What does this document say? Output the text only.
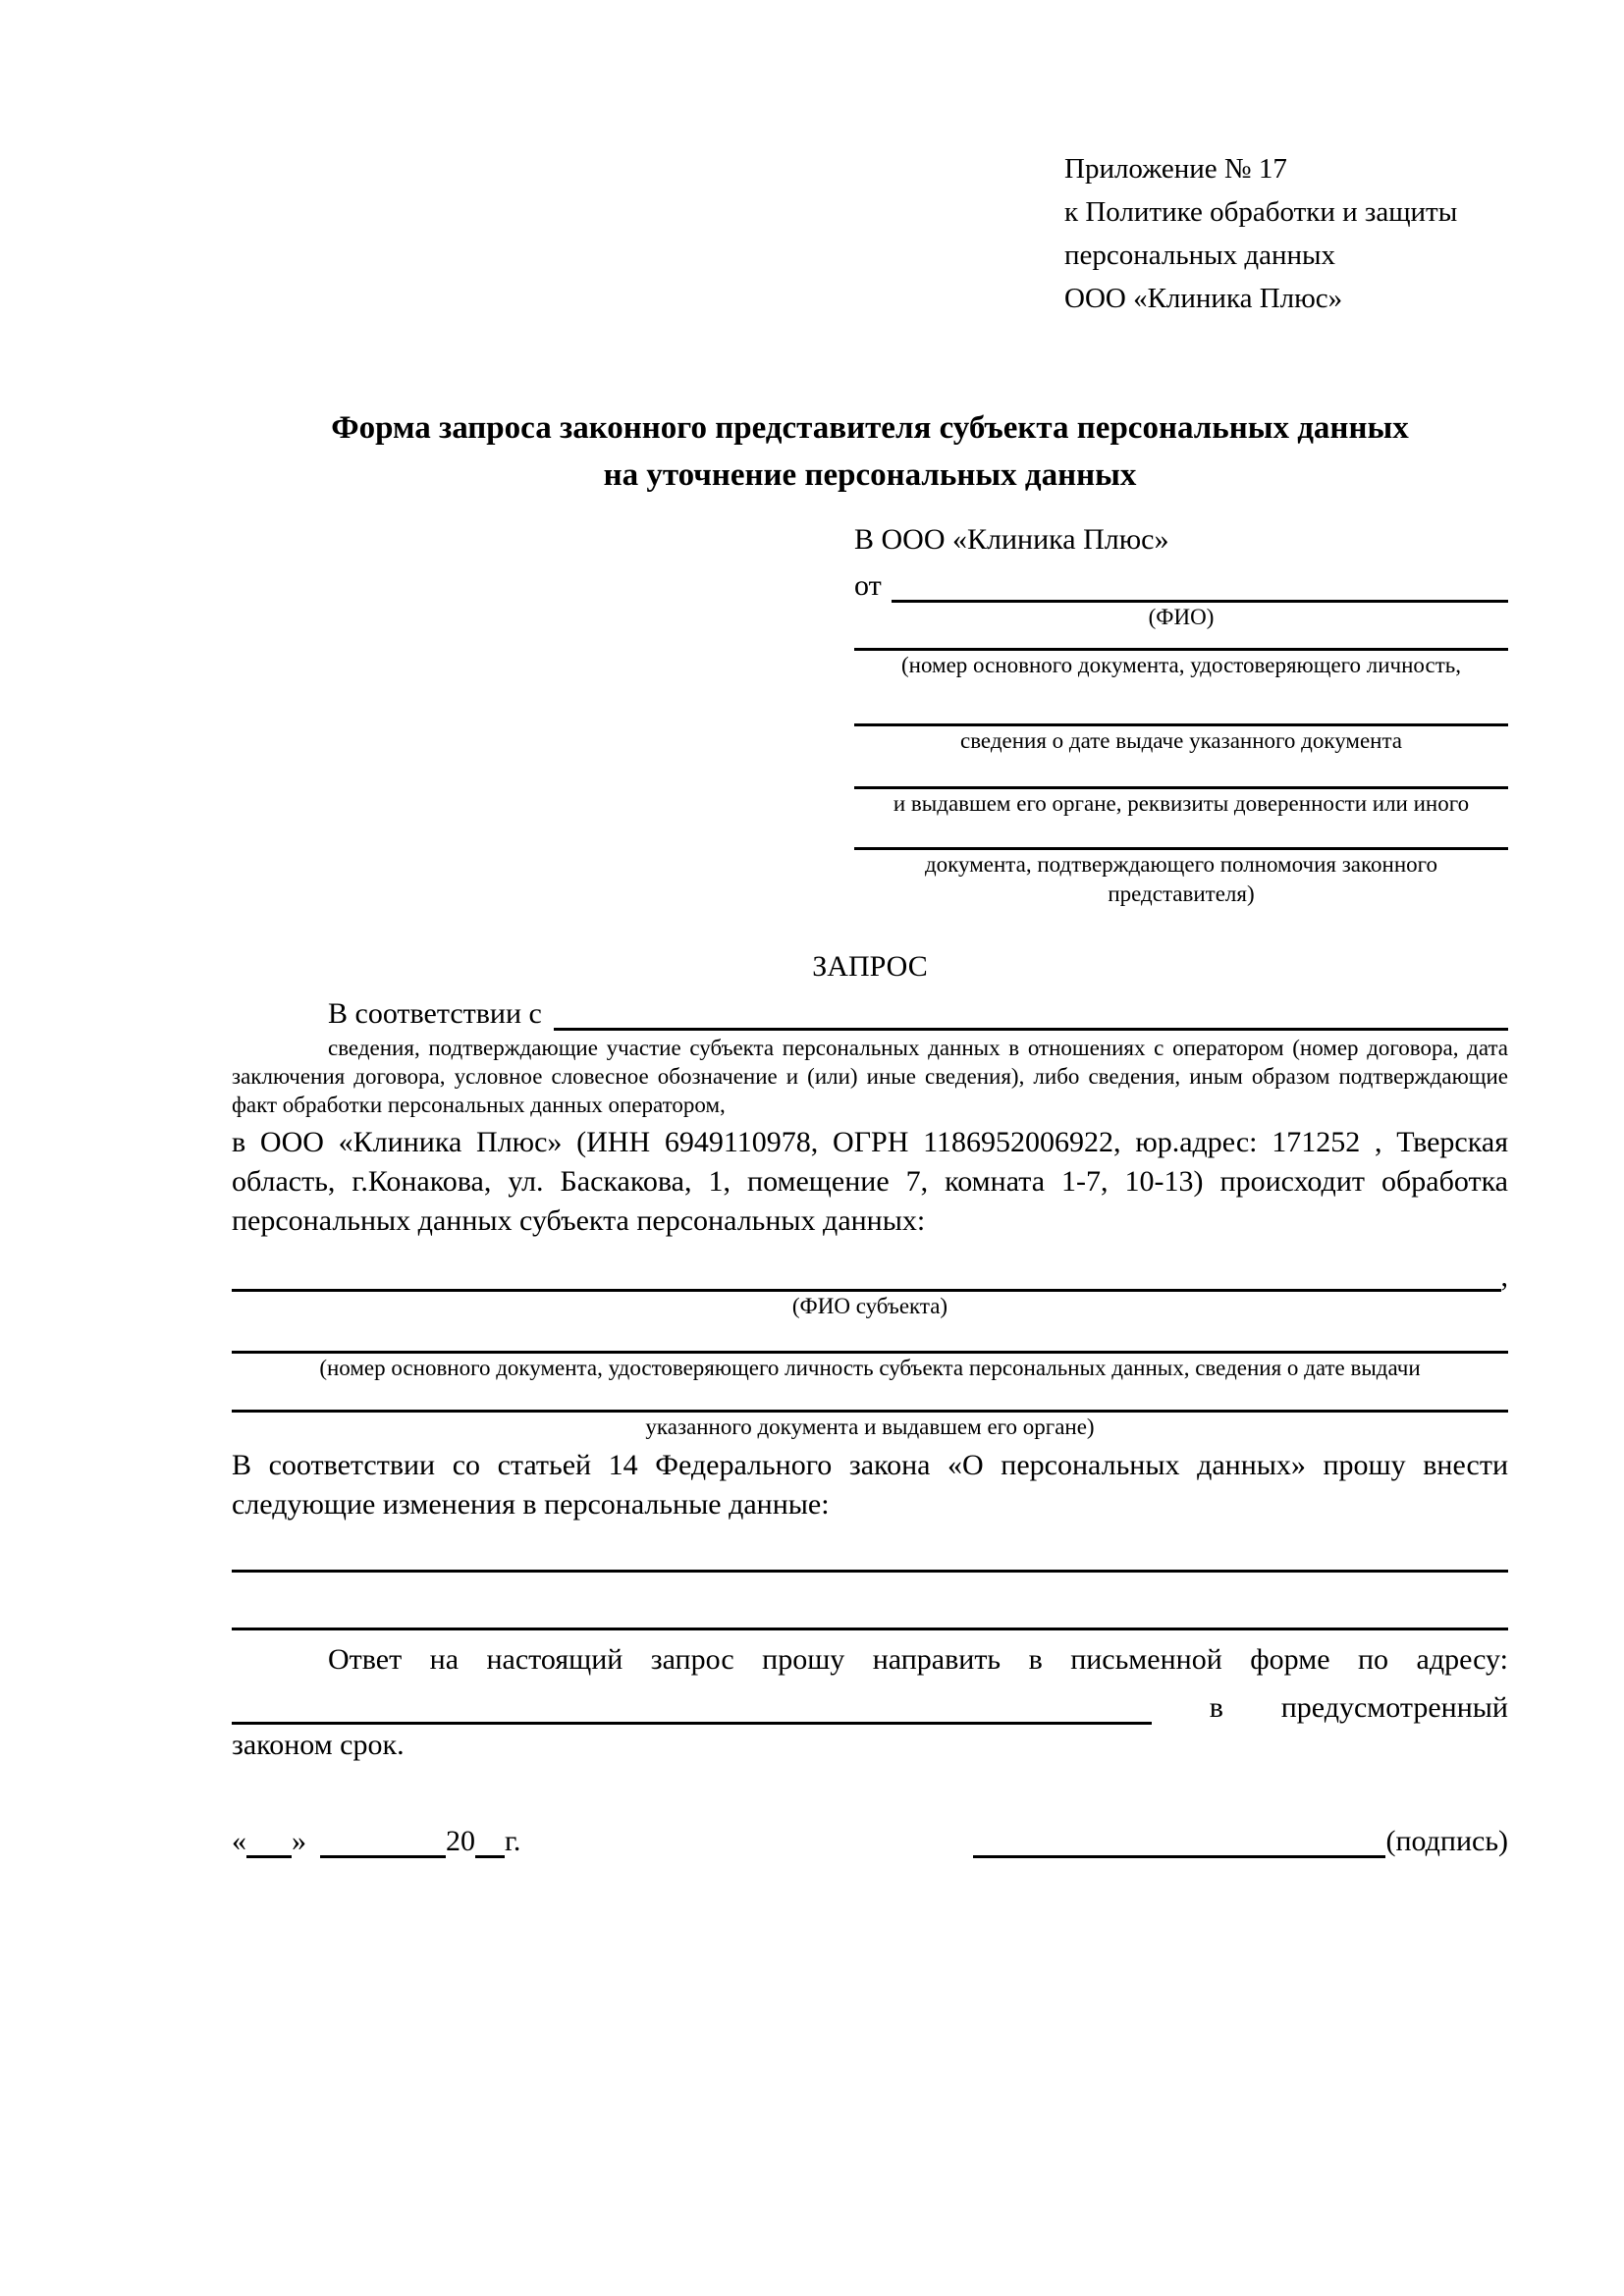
Приложение № 17
к Политике обработки и защиты
персональных данных
ООО «Клиника Плюс»
Форма запроса законного представителя субъекта персональных данных
на уточнение персональных данных
В ООО «Клиника Плюс»
от
(ФИО)
(номер основного документа, удостоверяющего личность,
сведения о дате выдаче указанного документа
и выдавшем его органе, реквизиты доверенности или иного
документа, подтверждающего полномочия законного представителя)
ЗАПРОС
В соответствии с
сведения, подтверждающие участие субъекта персональных данных в отношениях с оператором (номер договора, дата заключения договора, условное словесное обозначение и (или) иные сведения), либо сведения, иным образом подтверждающие факт обработки персональных данных оператором,
в ООО «Клиника Плюс» (ИНН 6949110978, ОГРН 1186952006922, юр.адрес: 171252 , Тверская область, г.Конакова, ул. Баскакова, 1, помещение 7, комната 1-7, 10-13) происходит обработка персональных данных субъекта персональных данных:
,
(ФИО субъекта)
(номер основного документа, удостоверяющего личность субъекта персональных данных, сведения о дате выдачи
указанного документа и выдавшем его органе)
В соответствии со статьей 14 Федерального закона «О персональных данных» прошу внести следующие изменения в персональные данные:
Ответ на настоящий запрос прошу направить в письменной форме по адресу:
в предусмотренный
законом срок.
« »	20 г.	(подпись)
